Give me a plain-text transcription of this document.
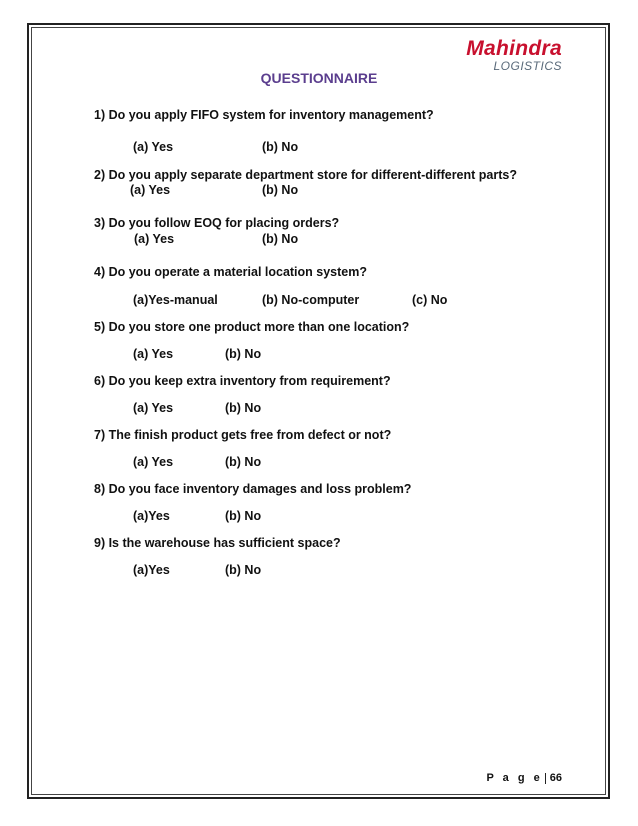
Mahindra
LOGISTICS
QUESTIONNAIRE
1) Do you apply FIFO system for inventory management?
(a) Yes	(b) No
2) Do you apply separate department store for different-different parts?
(a) Yes	(b) No
3) Do you follow EOQ for placing orders?
(a) Yes	(b) No
4) Do you operate a material location system?
(a)Yes-manual	(b) No-computer	(c) No
5) Do you store one product more than one location?
(a) Yes	(b) No
6) Do you keep extra inventory from requirement?
(a) Yes	(b) No
7) The finish product gets free from defect or not?
(a) Yes	(b) No
8) Do you face inventory damages and loss problem?
(a)Yes	(b) No
9) Is the warehouse has sufficient space?
(a)Yes	(b) No
P a g e 66
